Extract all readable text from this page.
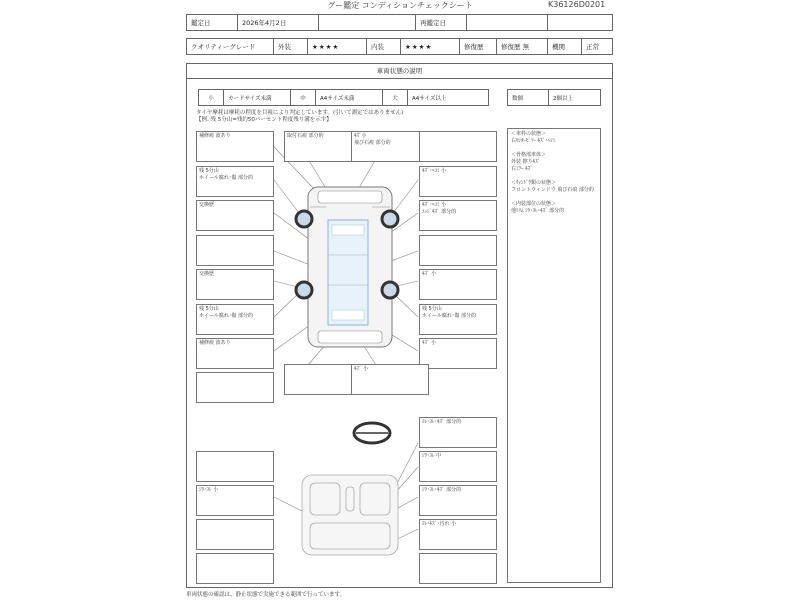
グー鑑定 コンディションチェックシート	K36126D0201
鑑定日	2026年4月2日		再鑑定日		
クオリティーグレード	外装	★★★★	内装	★★★★	修復歴	修復歴 無	機関	正常
車両状態の説明
小	カードサイズ未満	中	A4サイズ未満	大	A4サイズ以上	数個	2個以上
タイヤ摩耗は摩耗の程度を目視により判定しています。(引いて測定ではありません)
【例. 残 5分山=残約50パーセント程度残り溝を示す】
＜車枠の状態＞
右ｾﾝﾀｰﾋﾟﾗｰ ｷｽﾞ･ﾍｺﾐ

＜骨格部車体＞
外装 擦りｷｽﾞ
右ﾐﾗｰ ｷｽﾞ

＜ｳｨﾝﾄﾞｳ類の状態＞
フロントウィンドウ 飛び石痕 部分的

＜内装部位の状態＞
他ﾄﾘﾑ ｼﾜ･ﾖﾚ･ｷｽﾞ 部分的
補修痕 波あり	取付石痕 部分的	ｷｽﾞ小
飛び石痕 部分的
残 5分山
ホイール腐れ･傷 部分的
ｷｽﾞ･ﾍｺﾐ 小
交換歴	ｷｽﾞ･ﾍｺﾐ 小
ｴｯｼﾞｷｽﾞ 部分的
交換歴	ｷｽﾞ 小
残 5分山
ホイール腐れ･傷 部分的
残 5分山
ホイール腐れ･傷 部分的
補修痕 波あり	ｷｽﾞ 小
ｷｽﾞ 小
ﾖﾚ･ﾖﾚ･ｷｽﾞ 部分的
ｼﾜ･ﾖﾚ 中
ｼﾜ･ﾖﾚ 小	ｼﾜ･ﾖﾚ･ｷｽﾞ 部分的
ﾖﾚ･ｷｽﾞ･汚れ 小
車両状態の確認は、静止状態で実施できる範囲で行っています。
